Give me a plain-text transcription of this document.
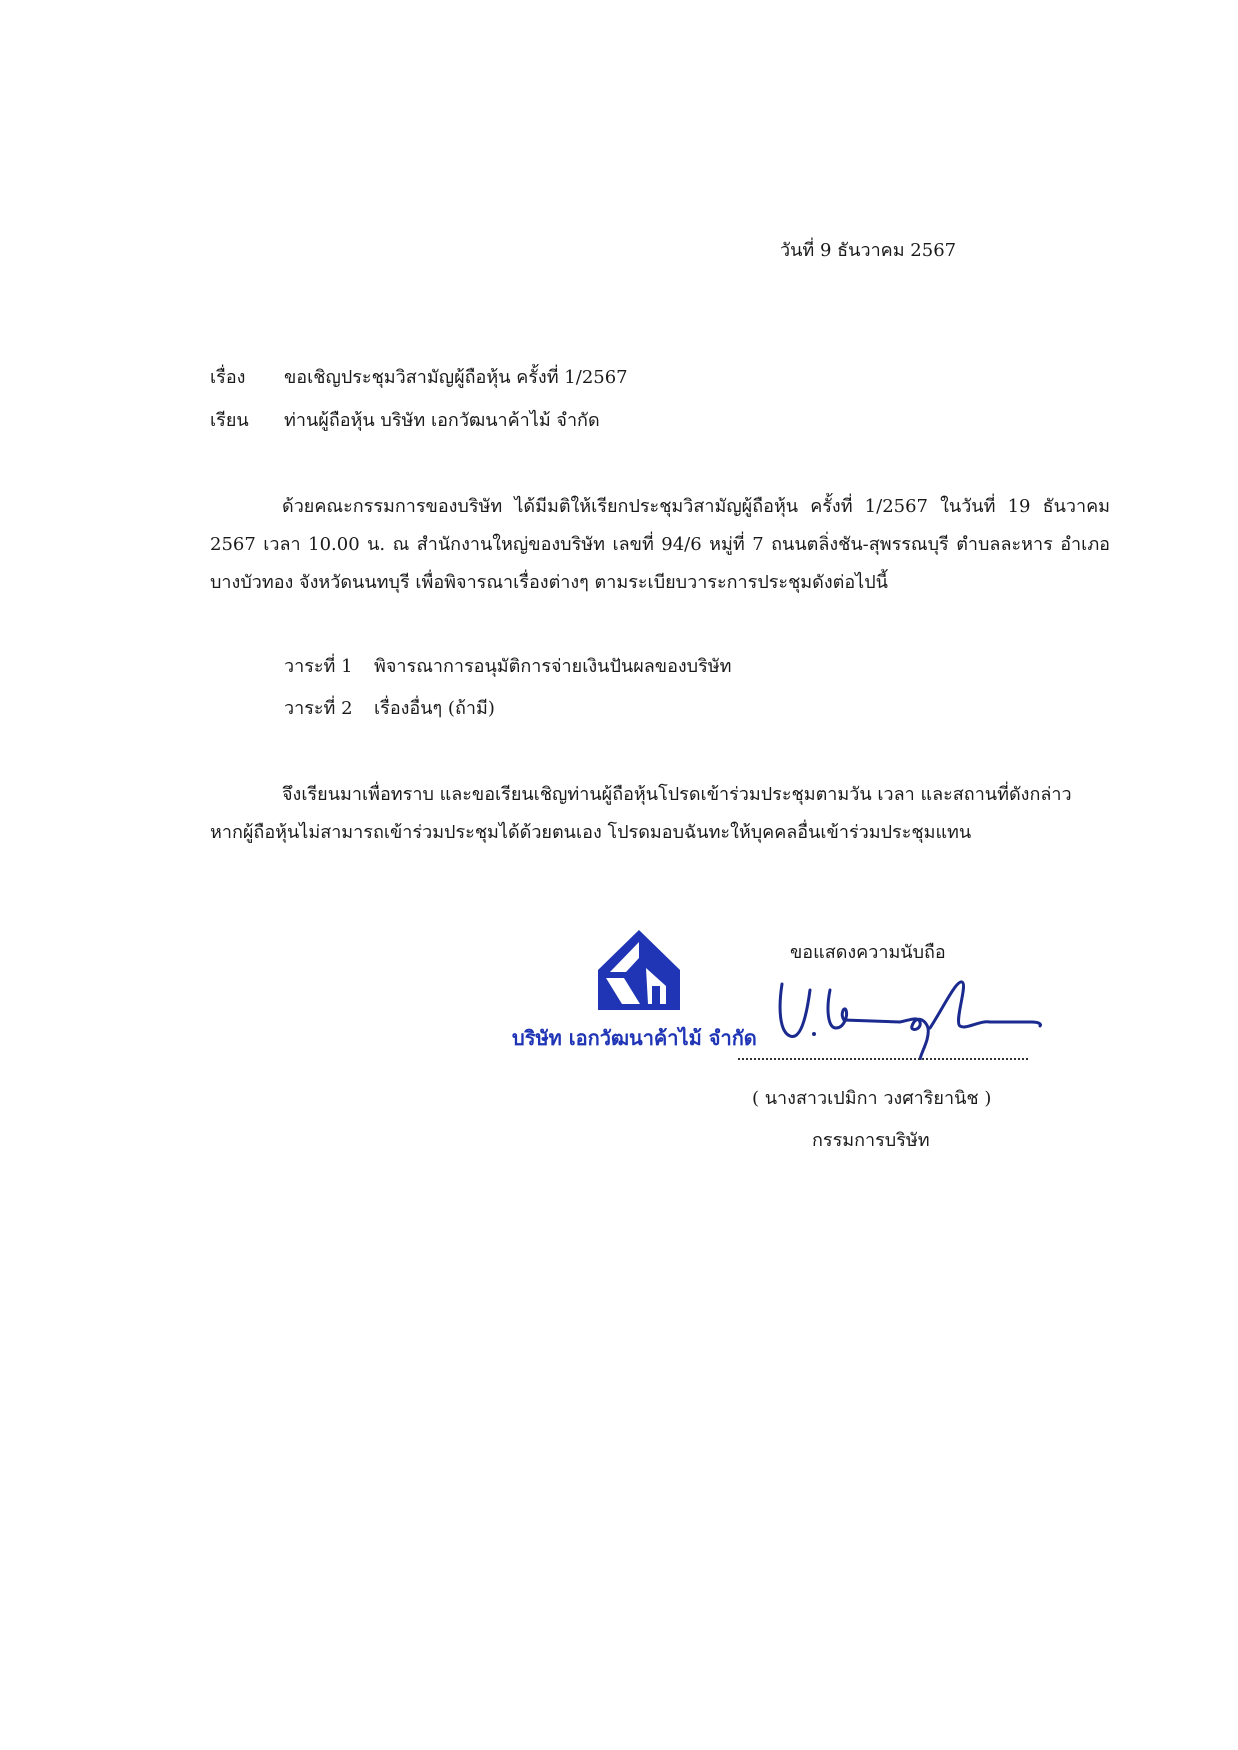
วันที่ 9 ธันวาคม 2567
เรื่อง ขอเชิญประชุมวิสามัญผู้ถือหุ้น ครั้งที่ 1/2567
เรียน ท่านผู้ถือหุ้น บริษัท เอกวัฒนาค้าไม้ จำกัด
ด้วยคณะกรรมการของบริษัท ได้มีมติให้เรียกประชุมวิสามัญผู้ถือหุ้น ครั้งที่ 1/2567 ในวันที่ 19 ธันวาคม 2567 เวลา 10.00 น. ณ สำนักงานใหญ่ของบริษัท เลขที่ 94/6 หมู่ที่ 7 ถนนตลิ่งชัน-สุพรรณบุรี ตำบลละหาร อำเภอบางบัวทอง จังหวัดนนทบุรี เพื่อพิจารณาเรื่องต่างๆ ตามระเบียบวาระการประชุมดังต่อไปนี้
วาระที่ 1 พิจารณาการอนุมัติการจ่ายเงินปันผลของบริษัท
วาระที่ 2 เรื่องอื่นๆ (ถ้ามี)
จึงเรียนมาเพื่อทราบ และขอเรียนเชิญท่านผู้ถือหุ้นโปรดเข้าร่วมประชุมตามวัน เวลา และสถานที่ดังกล่าว หากผู้ถือหุ้นไม่สามารถเข้าร่วมประชุมได้ด้วยตนเอง โปรดมอบฉันทะให้บุคคลอื่นเข้าร่วมประชุมแทน
บริษัท เอกวัฒนาค้าไม้ จำกัด
ขอแสดงความนับถือ
( นางสาวเปมิกา วงศาริยานิช )
กรรมการบริษัท
